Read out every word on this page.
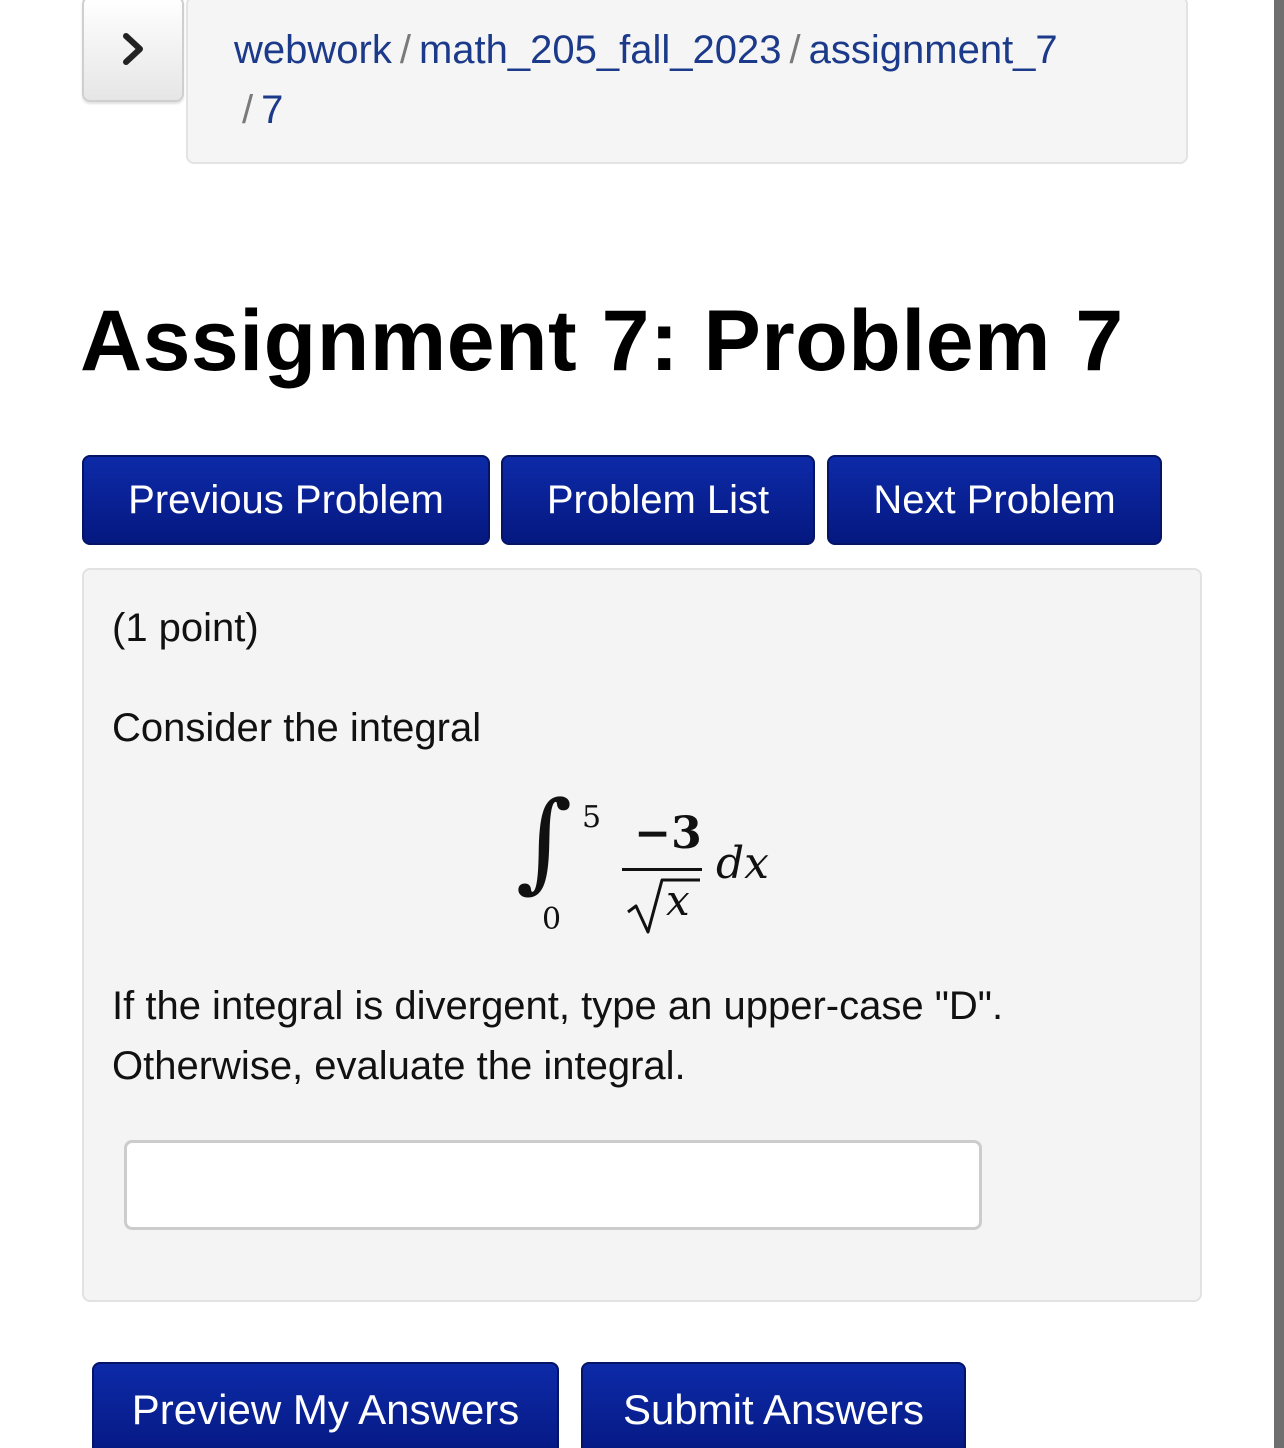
webwork / math_205_fall_2023 / assignment_7
/ 7
Assignment 7: Problem 7
Previous Problem	Problem List	Next Problem
(1 point)
Consider the integral
∫ 5
0
−3
x
dx
If the integral is divergent, type an upper-case "D".
Otherwise, evaluate the integral.
Preview My Answers	Submit Answers
